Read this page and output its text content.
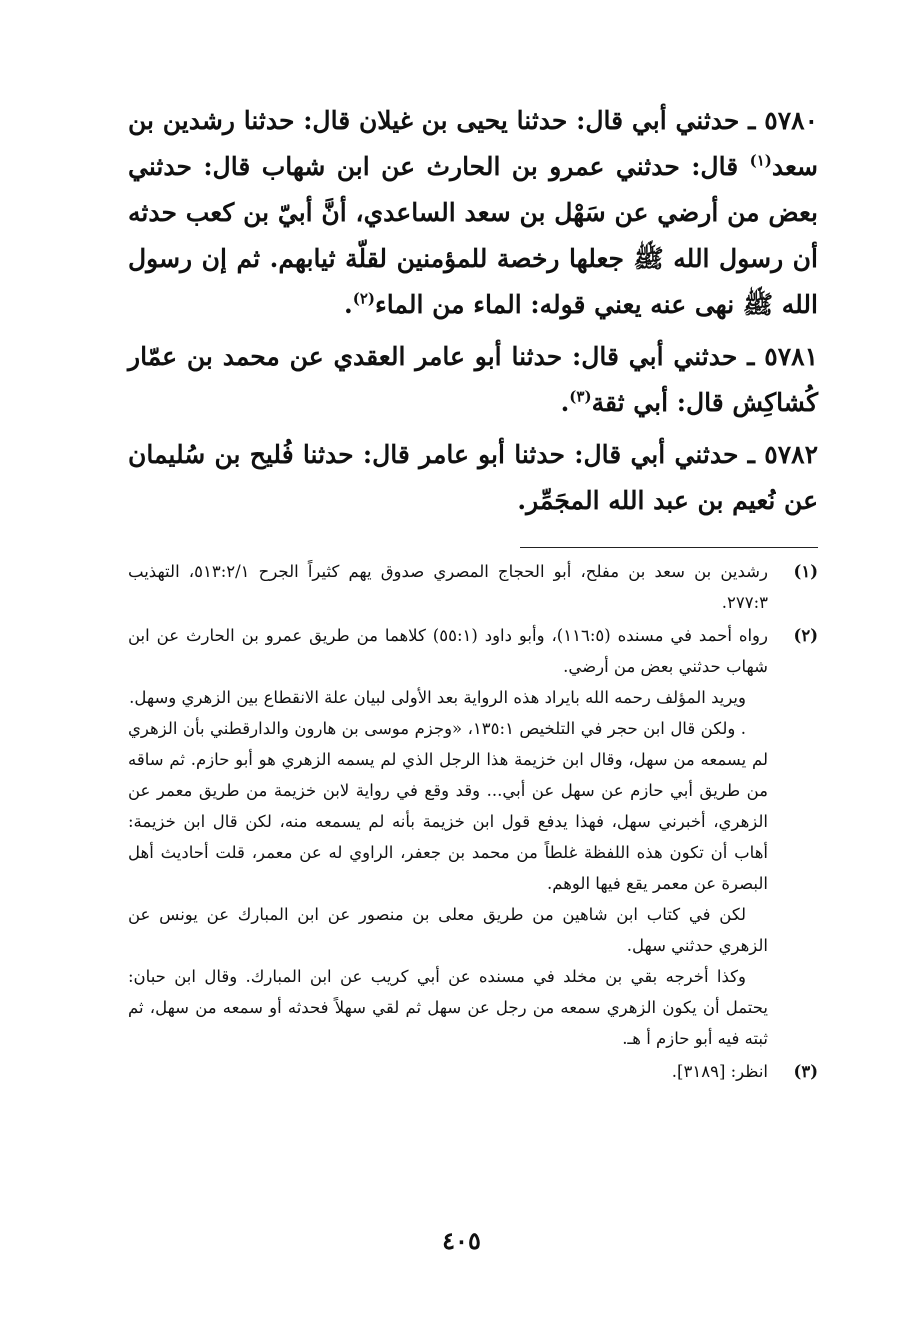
٥٧٨٠ ـ حدثني أبي قال: حدثنا يحيى بن غيلان قال: حدثنا رشدين بن سعد$^{(١)}$ قال: حدثني عمرو بن الحارث عن ابن شهاب قال: حدثني بعض من أرضي عن سَهْل بن سعد الساعدي، أنَّ أبيّ بن كعب حدثه أن رسول الله ﷺ جعلها رخصة للمؤمنين لقلّة ثيابهم. ثم إن رسول الله ﷺ نهى عنه يعني قوله: الماء من الماء$^{(٢)}$.

٥٧٨١ ـ حدثني أبي قال: حدثنا أبو عامر العقدي عن محمد بن عمّار كُشاكِش قال: أبي ثقة$^{(٣)}$.

٥٧٨٢ ـ حدثني أبي قال: حدثنا أبو عامر قال: حدثنا فُليح بن سُليمان عن نُعيم بن عبد الله المجَمِّر.

(١)

رشدين بن سعد بن مفلح، أبو الحجاج المصري صدوق يهم كثيراً الجرح ٥١٣:٢/١، التهذيب ٢٧٧:٣.

(٢)

رواه أحمد في مسنده (١١٦:٥)، وأبو داود (٥٥:١) كلاهما من طريق عمرو بن الحارث عن ابن شهاب حدثني بعض من أرضي.

ويريد المؤلف رحمه الله بايراد هذه الرواية بعد الأولى لبيان علة الانقطاع بين الزهري وسهل.

. ولكن قال ابن حجر في التلخيص ١٣٥:١، «وجزم موسى بن هارون والدارقطني بأن الزهري لم يسمعه من سهل، وقال ابن خزيمة هذا الرجل الذي لم يسمه الزهري هو أبو حازم. ثم ساقه من طريق أبي حازم عن سهل عن أبي... وقد وقع في رواية لابن خزيمة من طريق معمر عن الزهري، أخبرني سهل، فهذا يدفع قول ابن خزيمة بأنه لم يسمعه منه، لكن قال ابن خزيمة: أهاب أن تكون هذه اللفظة غلطاً من محمد بن جعفر، الراوي له عن معمر، قلت أحاديث أهل البصرة عن معمر يقع فيها الوهم.

لكن في كتاب ابن شاهين من طريق معلى بن منصور عن ابن المبارك عن يونس عن الزهري حدثني سهل.

وكذا أخرجه بقي بن مخلد في مسنده عن أبي كريب عن ابن المبارك. وقال ابن حبان: يحتمل أن يكون الزهري سمعه من رجل عن سهل ثم لقي سهلاً فحدثه أو سمعه من سهل، ثم ثبته فيه أبو حازم أ هـ.

(٣)

انظر: [٣١٨٩].

٤٠٥
